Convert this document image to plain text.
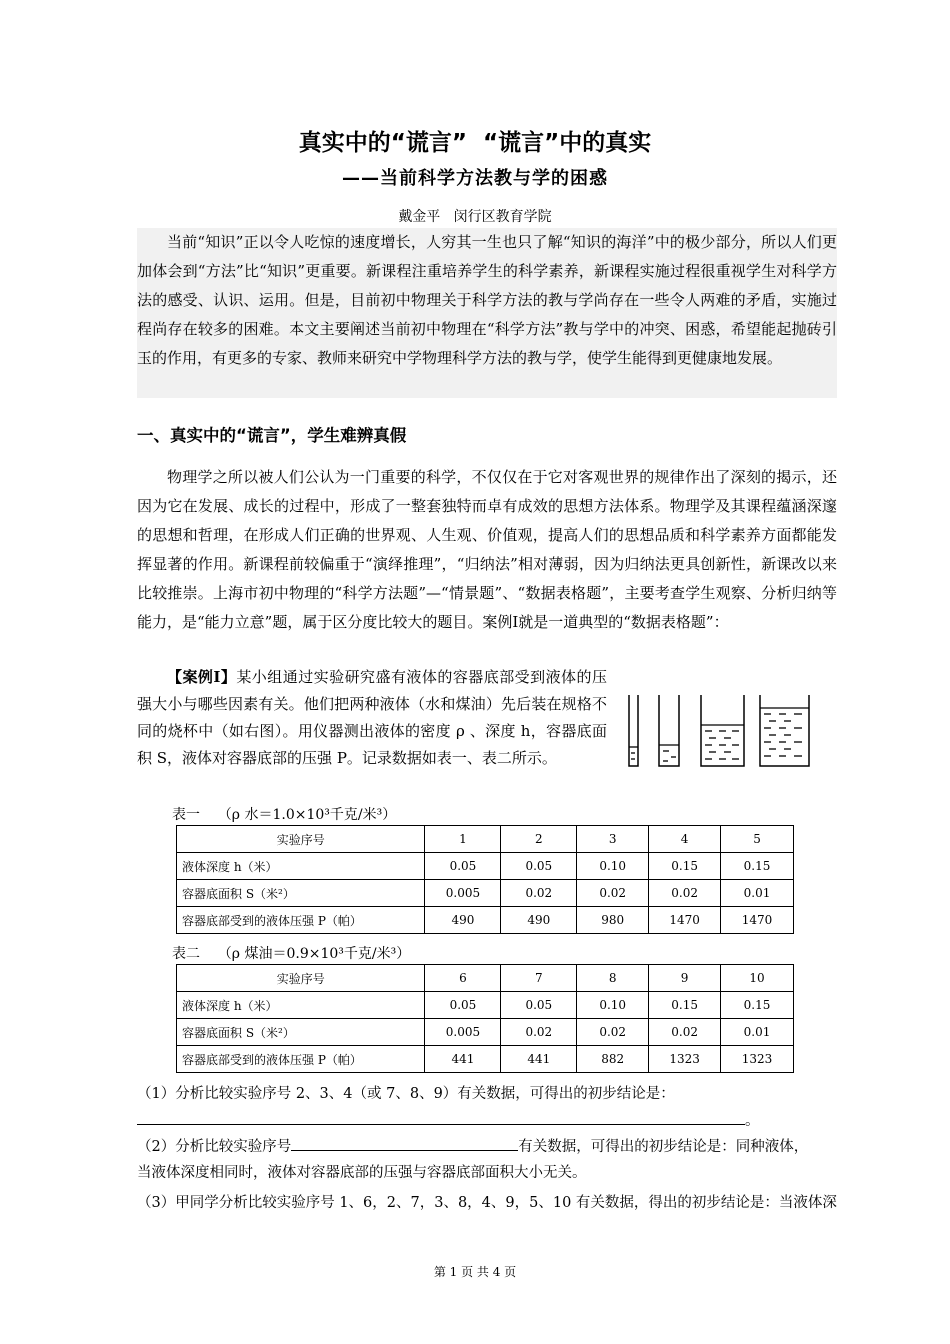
真实中的“谎言”  “谎言”中的真实
——当前科学方法教与学的困惑
戴金平   闵行区教育学院

当前“知识”正以令人吃惊的速度增长，人穷其一生也只了解“知识的海洋”中的极少部分，所以人们更加体会到“方法”比“知识”更重要。新课程注重培养学生的科学素养，新课程实施过程很重视学生对科学方法的感受、认识、运用。但是，目前初中物理关于科学方法的教与学尚存在一些令人两难的矛盾，实施过程尚存在较多的困难。本文主要阐述当前初中物理在“科学方法”教与学中的冲突、困惑，希望能起抛砖引玉的作用，有更多的专家、教师来研究中学物理科学方法的教与学，使学生能得到更健康地发展。

一、真实中的“谎言”，学生难辨真假

物理学之所以被人们公认为一门重要的科学，不仅仅在于它对客观世界的规律作出了深刻的揭示，还因为它在发展、成长的过程中，形成了一整套独特而卓有成效的思想方法体系。物理学及其课程蕴涵深邃的思想和哲理，在形成人们正确的世界观、人生观、价值观，提高人们的思想品质和科学素养方面都能发挥显著的作用。新课程前较偏重于“演绎推理”，“归纳法”相对薄弱，因为归纳法更具创新性，新课改以来比较推崇。上海市初中物理的“科学方法题”—“情景题”、“数据表格题”，主要考查学生观察、分析归纳等能力，是“能力立意”题，属于区分度比较大的题目。案例Ⅰ就是一道典型的“数据表格题”：

【案例Ⅰ】某小组通过实验研究盛有液体的容器底部受到液体的压强大小与哪些因素有关。他们把两种液体（水和煤油）先后装在规格不同的烧杯中（如右图）。用仪器测出液体的密度 ρ 、深度 h，容器底面积 S，液体对容器底部的压强 P。记录数据如表一、表二所示。

表一    （ρ 水＝1.0×10³千克/米³）
实验序号	1	2	3	4	5
液体深度 h（米）	0.05	0.05	0.10	0.15	0.15
容器底面积 S（米²）	0.005	0.02	0.02	0.02	0.01
容器底部受到的液体压强 P（帕）	490	490	980	1470	1470
表二    （ρ 煤油＝0.9×10³千克/米³）
实验序号	6	7	8	9	10
液体深度 h（米）	0.05	0.05	0.10	0.15	0.15
容器底面积 S（米²）	0.005	0.02	0.02	0.02	0.01
容器底部受到的液体压强 P（帕）	441	441	882	1323	1323
（1）分析比较实验序号 2、3、4（或 7、8、9）有关数据，可得出的初步结论是：
。
（2）分析比较实验序号	有关数据，可得出的初步结论是：同种液体，
当液体深度相同时，液体对容器底部的压强与容器底部面积大小无关。
（3）甲同学分析比较实验序号 1、6，2、7，3、8，4、9，5、10 有关数据，得出的初步结论是：当液体深
第 1 页 共 4 页
